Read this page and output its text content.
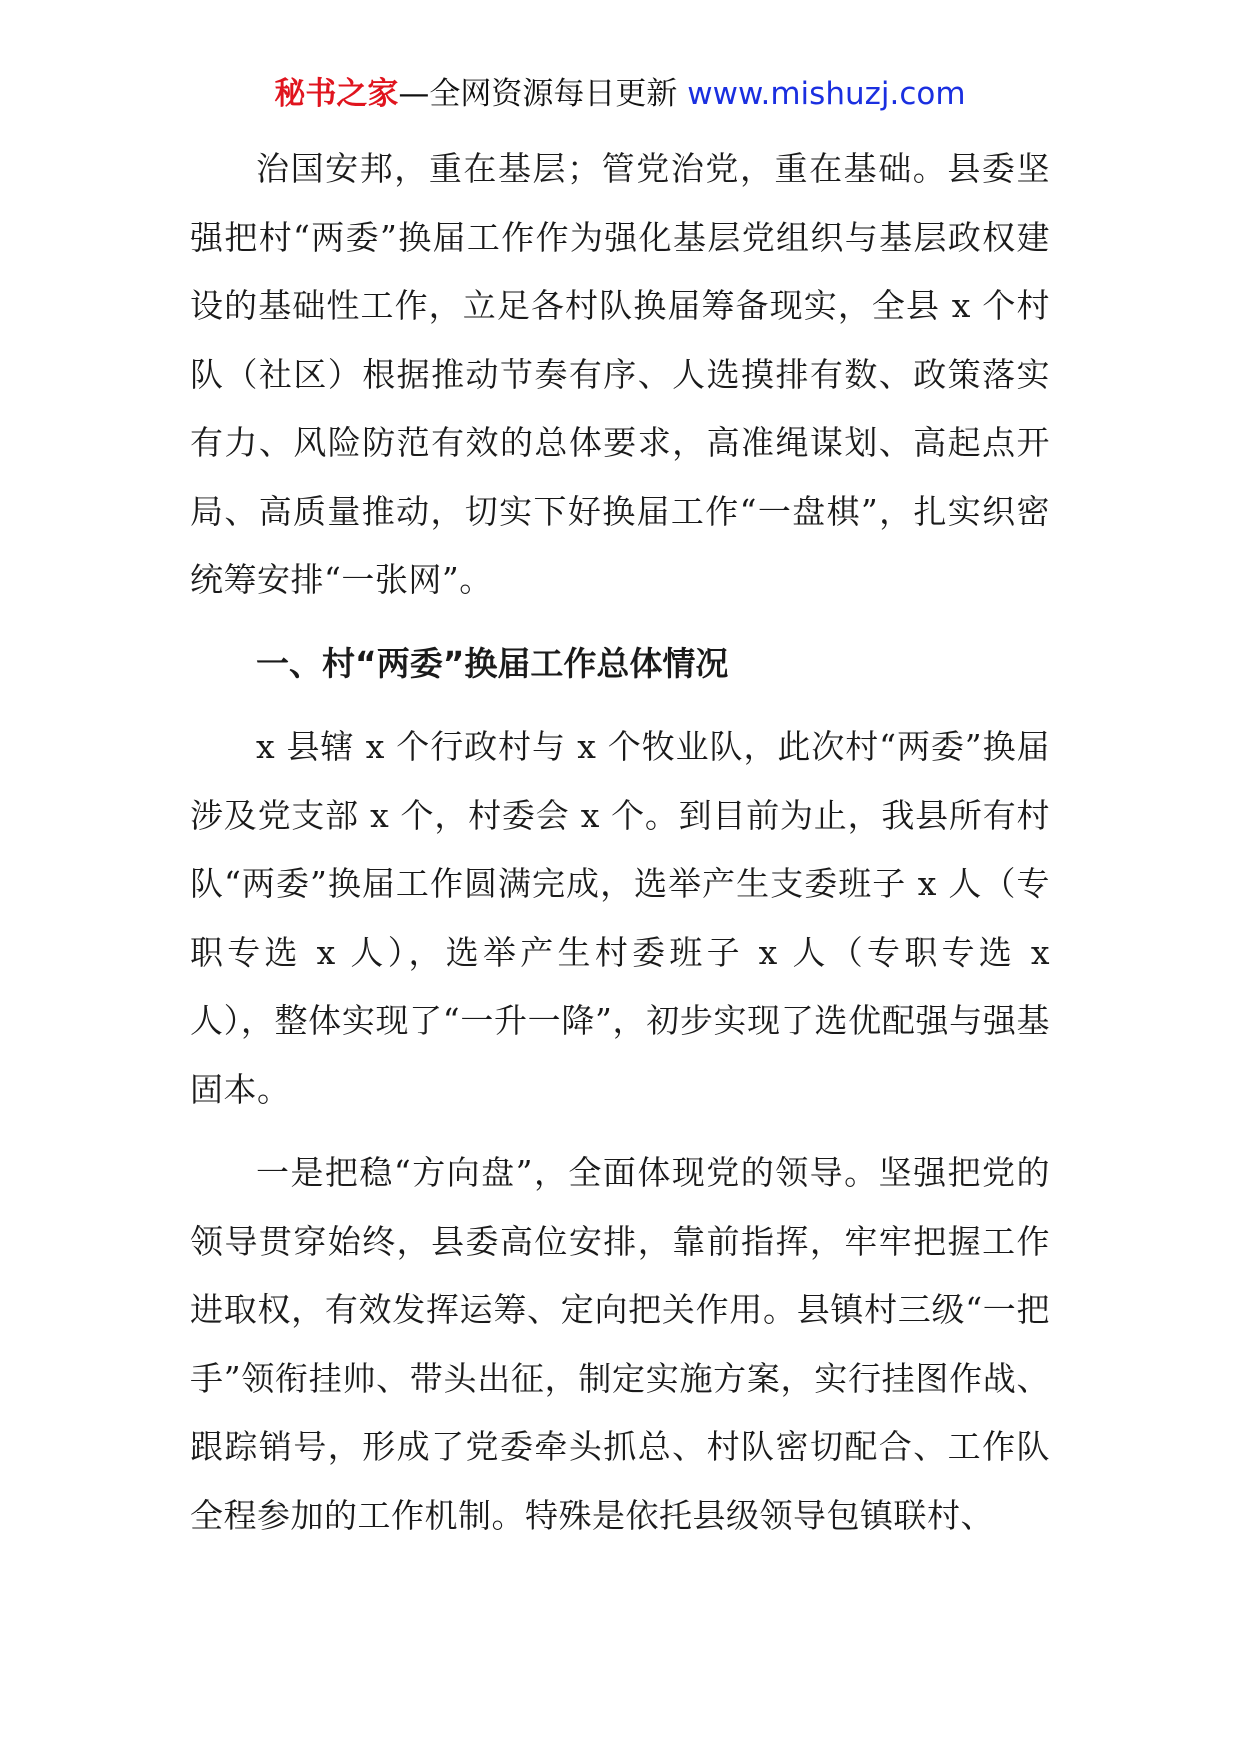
秘书之家—全网资源每日更新 www.mishuzj.com

治国安邦，重在基层；管党治党，重在基础。县委坚强把村“两委”换届工作作为强化基层党组织与基层政权建设的基础性工作，立足各村队换届筹备现实，全县 x 个村队（社区）根据推动节奏有序、人选摸排有数、政策落实有力、风险防范有效的总体要求，高准绳谋划、高起点开局、高质量推动，切实下好换届工作“一盘棋”，扎实织密统筹安排“一张网”。

一、村“两委”换届工作总体情况

x 县辖 x 个行政村与 x 个牧业队，此次村“两委”换届涉及党支部 x 个，村委会 x 个。到目前为止，我县所有村队“两委”换届工作圆满完成，选举产生支委班子 x 人（专职专选 x 人），选举产生村委班子 x 人（专职专选 x 人），整体实现了“一升一降”，初步实现了选优配强与强基固本。

一是把稳“方向盘”，全面体现党的领导。坚强把党的领导贯穿始终，县委高位安排，靠前指挥，牢牢把握工作进取权，有效发挥运筹、定向把关作用。县镇村三级“一把手”领衔挂帅、带头出征，制定实施方案，实行挂图作战、跟踪销号，形成了党委牵头抓总、村队密切配合、工作队全程参加的工作机制。特殊是依托县级领导包镇联村、
